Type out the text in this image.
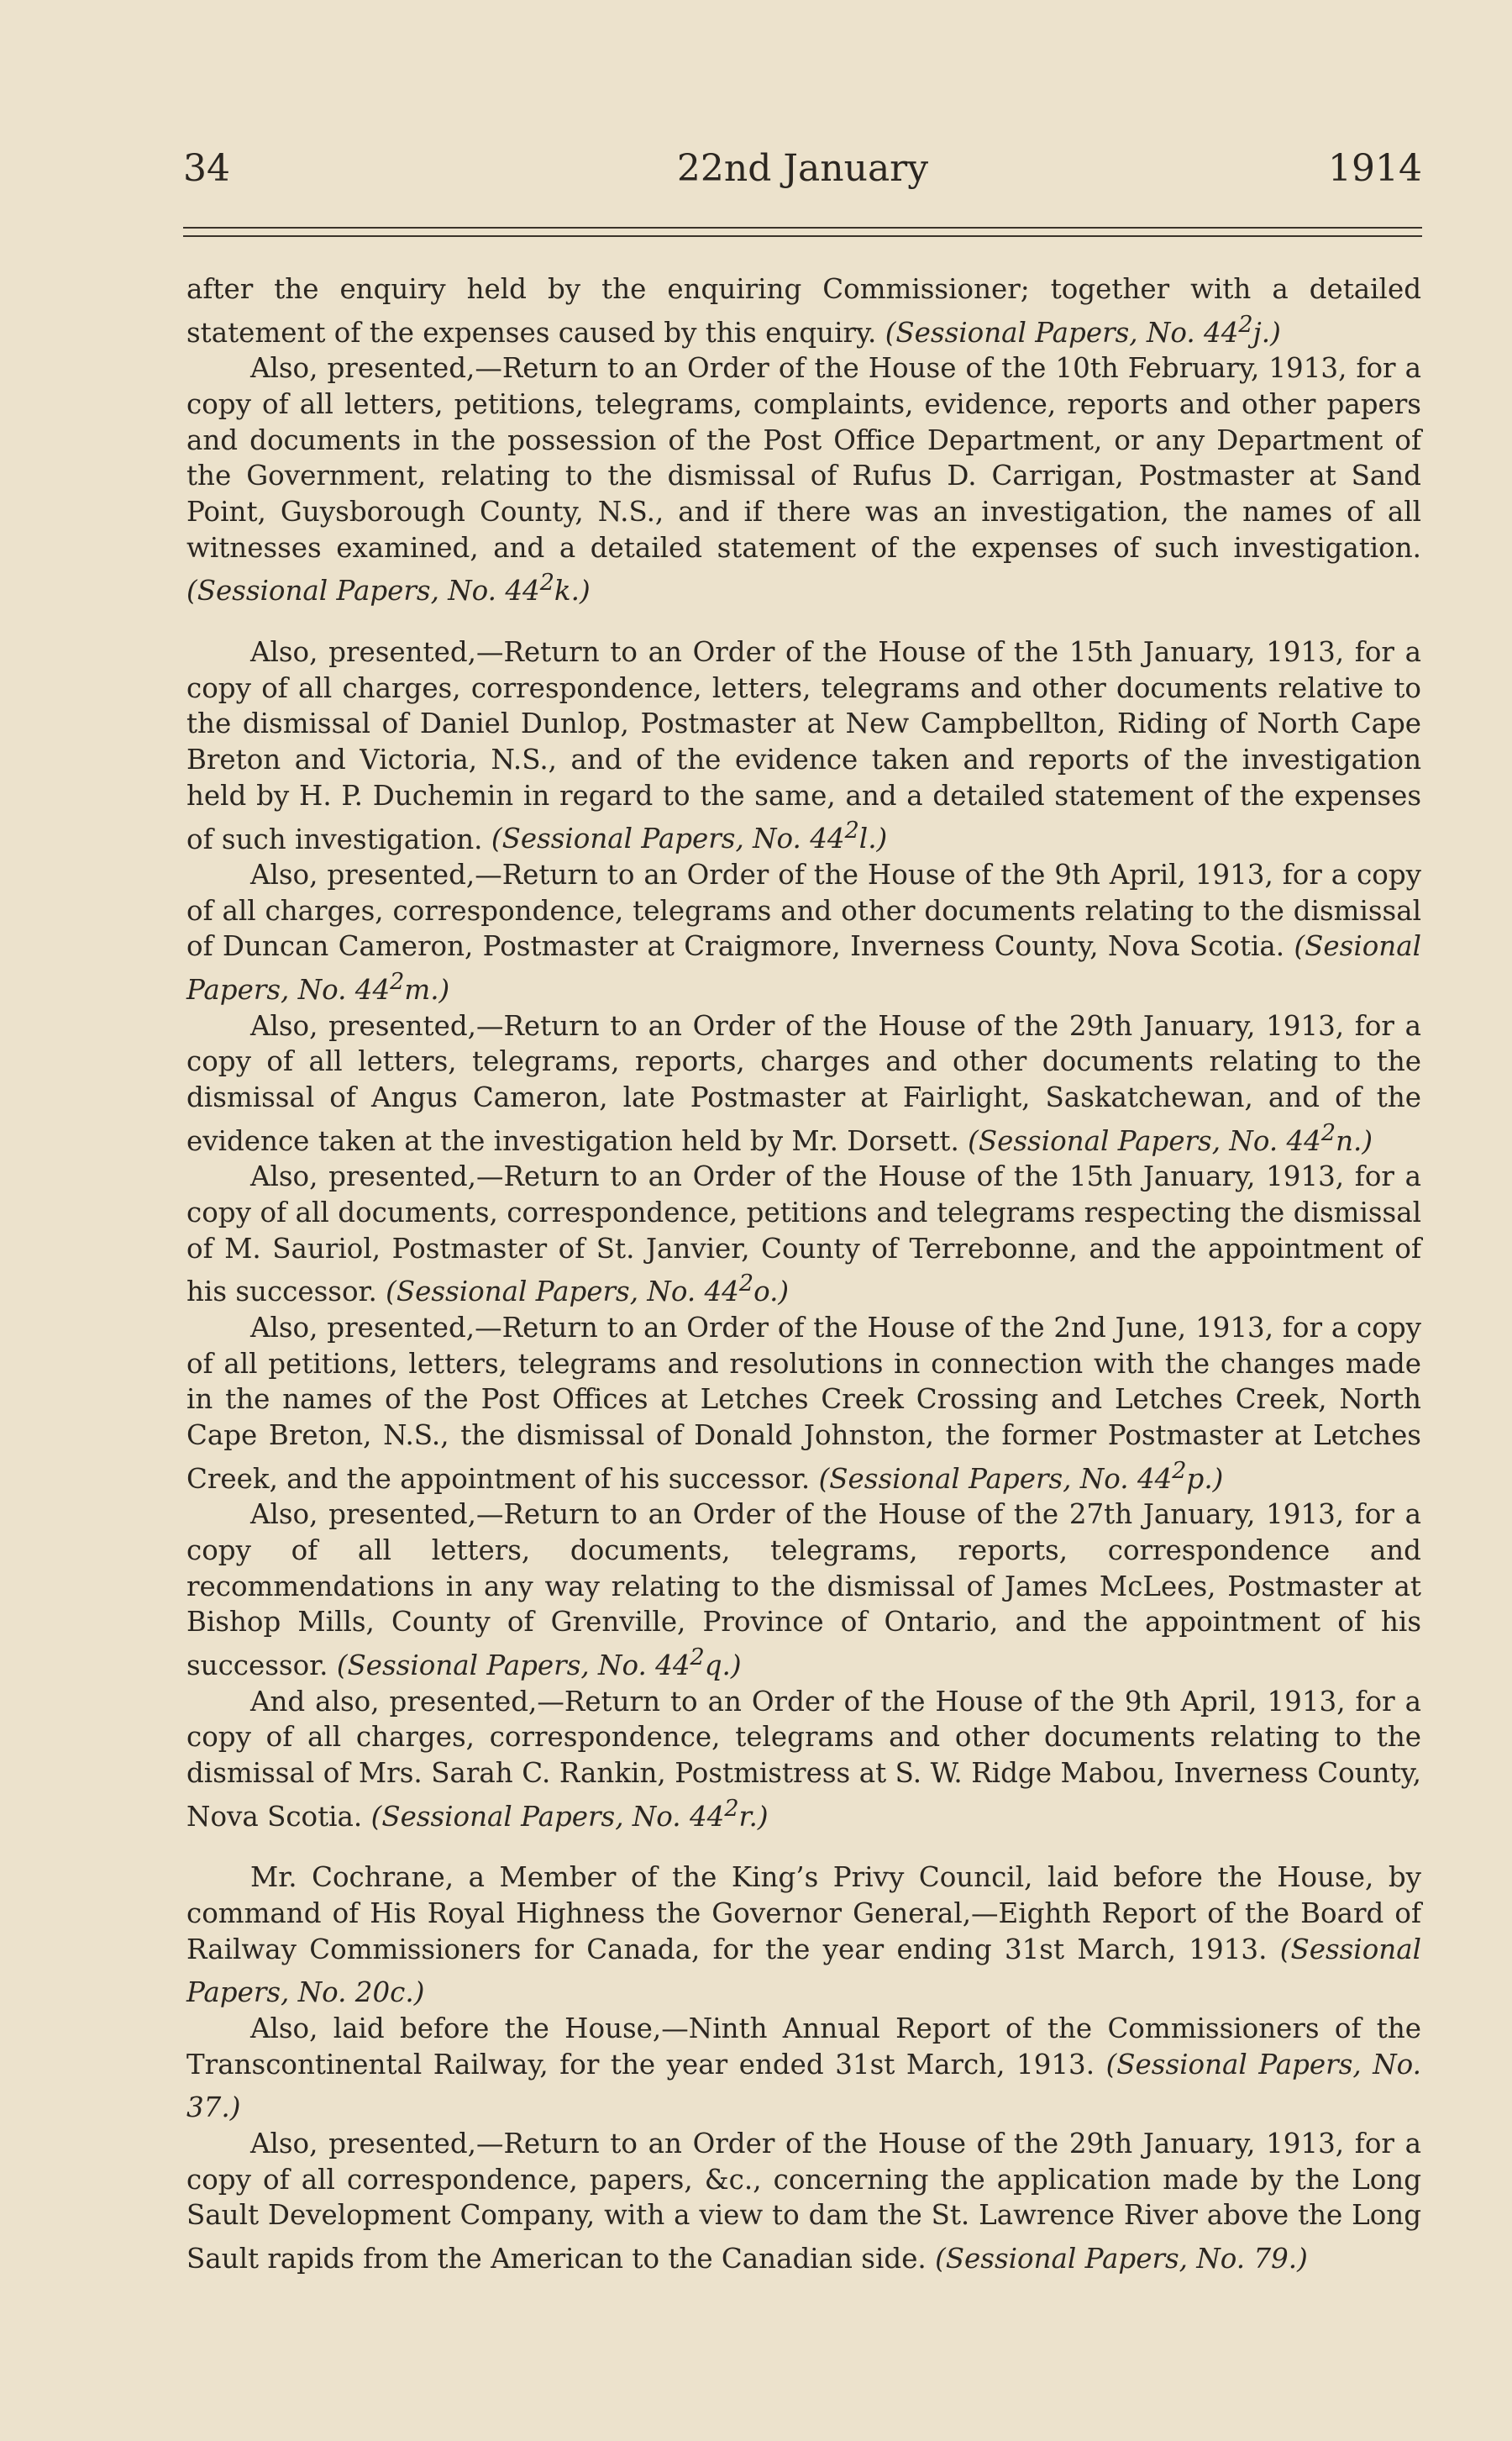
34	22nd January	1914

after the enquiry held by the enquiring Commissioner; together with a detailed statement of the expenses caused by this enquiry. (Sessional Papers, No. $44^2j$.)

Also, presented,—Return to an Order of the House of the 10th February, 1913, for a copy of all letters, petitions, telegrams, complaints, evidence, reports and other papers and documents in the possession of the Post Office Department, or any Department of the Government, relating to the dismissal of Rufus D. Carrigan, Postmaster at Sand Point, Guysborough County, N.S., and if there was an investigation, the names of all witnesses examined, and a detailed statement of the expenses of such investigation. (Sessional Papers, No. $44^2k$.)

Also, presented,—Return to an Order of the House of the 15th January, 1913, for a copy of all charges, correspondence, letters, telegrams and other documents relative to the dismissal of Daniel Dunlop, Postmaster at New Campbellton, Riding of North Cape Breton and Victoria, N.S., and of the evidence taken and reports of the investigation held by H. P. Duchemin in regard to the same, and a detailed statement of the expenses of such investigation. (Sessional Papers, No. $44^2l$.)

Also, presented,—Return to an Order of the House of the 9th April, 1913, for a copy of all charges, correspondence, telegrams and other documents relating to the dismissal of Duncan Cameron, Postmaster at Craigmore, Inverness County, Nova Scotia. (Sesional Papers, No. $44^2m$.)

Also, presented,—Return to an Order of the House of the 29th January, 1913, for a copy of all letters, telegrams, reports, charges and other documents relating to the dismissal of Angus Cameron, late Postmaster at Fairlight, Saskatchewan, and of the evidence taken at the investigation held by Mr. Dorsett. (Sessional Papers, No. $44^2n$.)

Also, presented,—Return to an Order of the House of the 15th January, 1913, for a copy of all documents, correspondence, petitions and telegrams respecting the dismissal of M. Sauriol, Postmaster of St. Janvier, County of Terrebonne, and the appointment of his successor. (Sessional Papers, No. $44^2o$.)

Also, presented,—Return to an Order of the House of the 2nd June, 1913, for a copy of all petitions, letters, telegrams and resolutions in connection with the changes made in the names of the Post Offices at Letches Creek Crossing and Letches Creek, North Cape Breton, N.S., the dismissal of Donald Johnston, the former Postmaster at Letches Creek, and the appointment of his successor. (Sessional Papers, No. $44^2p$.)

Also, presented,—Return to an Order of the House of the 27th January, 1913, for a copy of all letters, documents, telegrams, reports, correspondence and recommendations in any way relating to the dismissal of James McLees, Postmaster at Bishop Mills, County of Grenville, Province of Ontario, and the appointment of his successor. (Sessional Papers, No. $44^2q$.)

And also, presented,—Return to an Order of the House of the 9th April, 1913, for a copy of all charges, correspondence, telegrams and other documents relating to the dismissal of Mrs. Sarah C. Rankin, Postmistress at S. W. Ridge Mabou, Inverness County, Nova Scotia. (Sessional Papers, No. $44^2r$.)

Mr. Cochrane, a Member of the King’s Privy Council, laid before the House, by command of His Royal Highness the Governor General,—Eighth Report of the Board of Railway Commissioners for Canada, for the year ending 31st March, 1913. (Sessional Papers, No. 20c.)

Also, laid before the House,—Ninth Annual Report of the Commissioners of the Transcontinental Railway, for the year ended 31st March, 1913. (Sessional Papers, No. 37.)

Also, presented,—Return to an Order of the House of the 29th January, 1913, for a copy of all correspondence, papers, &c., concerning the application made by the Long Sault Development Company, with a view to dam the St. Lawrence River above the Long Sault rapids from the American to the Canadian side. (Sessional Papers, No. 79.)
